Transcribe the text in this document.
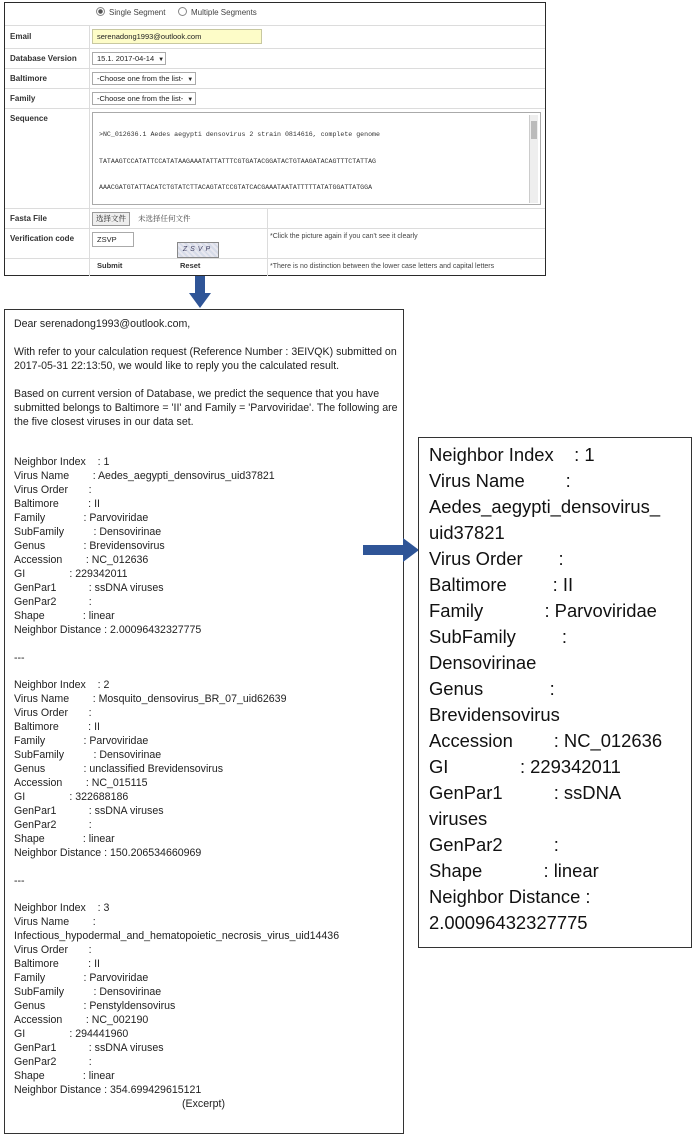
Single Segment	Multiple Segments
Email	serenadong1993@outlook.com
Database Version	15.1. 2017-04-14 ▼
Baltimore	-Choose one from the list- ▼
Family	-Choose one from the list- ▼
Sequence

>NC_012636.1 Aedes aegypti densovirus 2 strain 0814616, complete genome

TATAAGTCCATATTCCATATAAGAAATATTATTTCGTGATACGGATACTGTAAGATACAGTTTCTATTAG

AAACGATGTATTACATCTGTATCTTACAGTATCCGTATCACGAAATAATATTTTTATATGGATTATGGA

Fasta File	选择文件	未选择任何文件
Verification code	ZSVP
ZSVP
*Click the picture again if you can't see it clearly
Submit	Reset	*There is no distinction between the lower case letters and capital letters
Dear serenadong1993@outlook.com,
With refer to your calculation request (Reference Number : 3EIVQK) submitted on 2017-05-31 22:13:50, we would like to reply you the calculated result.
Based on current version of Database, we predict the sequence that you have submitted belongs to Baltimore = 'II' and Family = 'Parvoviridae'. The following are the five closest viruses in our data set.
Neighbor Index    : 1
Virus Name        : Aedes_aegypti_densovirus_uid37821
Virus Order       :
Baltimore          : II
Family             : Parvoviridae
SubFamily          : Densovirinae
Genus             : Brevidensovirus
Accession        : NC_012636
GI               : 229342011
GenPar1           : ssDNA viruses
GenPar2           :
Shape             : linear
Neighbor Distance : 2.00096432327775
---
Neighbor Index    : 2
Virus Name        : Mosquito_densovirus_BR_07_uid62639
Virus Order       :
Baltimore          : II
Family             : Parvoviridae
SubFamily          : Densovirinae
Genus             : unclassified Brevidensovirus
Accession        : NC_015115
GI               : 322688186
GenPar1           : ssDNA viruses
GenPar2           :
Shape             : linear
Neighbor Distance : 150.206534660969
---
Neighbor Index    : 3
Virus Name        :
Infectious_hypodermal_and_hematopoietic_necrosis_virus_uid14436
Virus Order       :
Baltimore          : II
Family             : Parvoviridae
SubFamily          : Densovirinae
Genus             : Penstyldensovirus
Accession        : NC_002190
GI               : 294441960
GenPar1           : ssDNA viruses
GenPar2           :
Shape             : linear
Neighbor Distance : 354.699429615121
(Excerpt)
Neighbor Index    : 1
Virus Name        :
Aedes_aegypti_densovirus_
uid37821
Virus Order       :
Baltimore         : II
Family            : Parvoviridae
SubFamily         :
Densovirinae
Genus             :
Brevidensovirus
Accession        : NC_012636
GI              : 229342011
GenPar1          : ssDNA
viruses
GenPar2          :
Shape            : linear
Neighbor Distance :
2.00096432327775
